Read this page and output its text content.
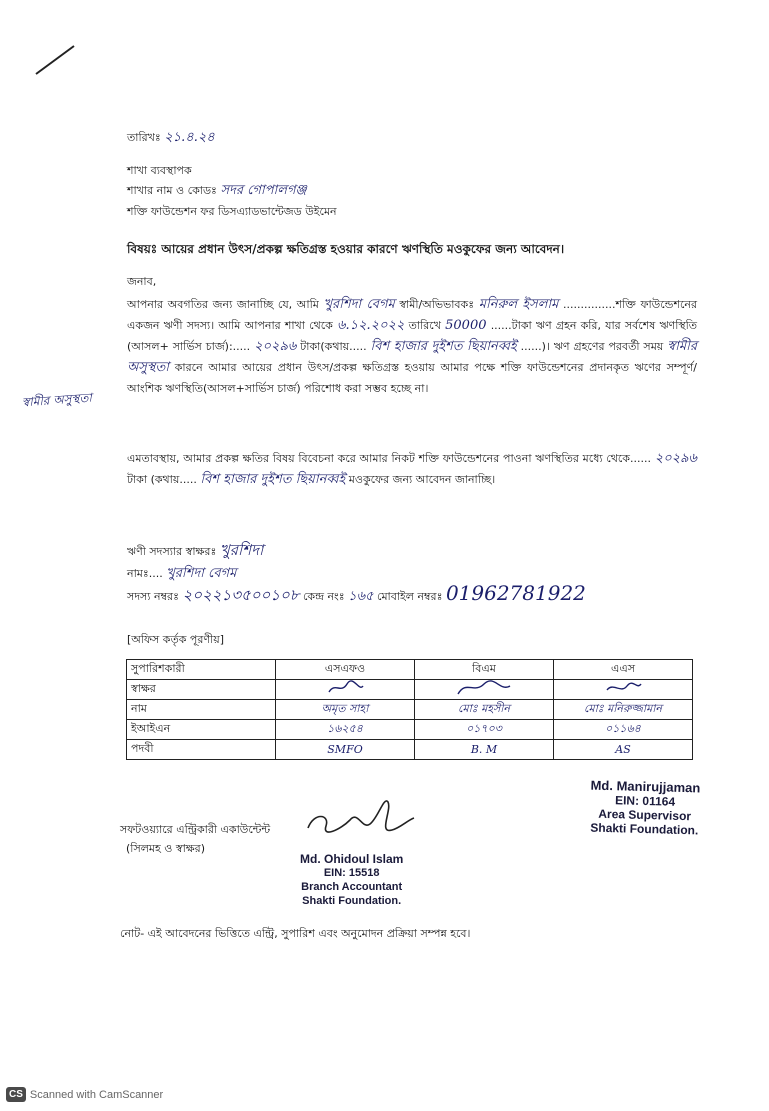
তারিখঃ ২১.৪.২৪
শাখা ব্যবস্থাপক
শাখার নাম ও কোডঃ সদর গোপালগঞ্জ
শক্তি ফাউন্ডেশন ফর ডিসএ্যাডভান্টেজড উইমেন
বিষয়ঃ আয়ের প্রধান উৎস/প্রকল্প ক্ষতিগ্রস্ত হওয়ার কারণে ঋণস্থিতি মওকুফের জন্য আবেদন।
জনাব,
স্বামীর অসুস্থতা
আপনার অবগতির জন্য জানাচ্ছি যে, আমি খুরশিদা বেগম স্বামী/অভিভাবকঃ মনিরুল ইসলাম ...............শক্তি ফাউন্ডেশনের একজন ঋণী সদস্য। আমি আপনার শাখা থেকে ৬.১২.২০২২ তারিখে 50000 ......টাকা ঋণ গ্রহন করি, যার সর্বশেষ ঋণস্থিতি (আসল+ সার্ভিস চার্জ):..... ২০২৯৬ টাকা(কথায়..... বিশ হাজার দুইশত ছিয়ানব্বই ......)। ঋণ গ্রহণের পরবর্তী সময় স্বামীর অসুস্থতা কারনে আমার আয়ের প্রধান উৎস/প্রকল্প ক্ষতিগ্রস্ত হওয়ায় আমার পক্ষে শক্তি ফাউন্ডেশনের প্রদানকৃত ঋণের সম্পূর্ণ/আংশিক ঋণস্থিতি(আসল+সার্ভিস চার্জ) পরিশোধ করা সম্ভব হচ্ছে না।
এমতাবস্থায়, আমার প্রকল্প ক্ষতির বিষয় বিবেচনা করে আমার নিকট শক্তি ফাউন্ডেশনের পাওনা ঋণস্থিতির মধ্যে থেকে...... ২০২৯৬ টাকা (কথায়..... বিশ হাজার দুইশত ছিয়ানব্বই মওকুফের জন্য আবেদন জানাচ্ছি।
ঋণী সদস্যার স্বাক্ষরঃ খুরশিদা
নামঃ.... খুরশিদা বেগম
সদস্য নম্বরঃ ২০২২১৩৫০০১০৮ কেন্দ্র নংঃ ১৬৫ মোবাইল নম্বরঃ 01962781922
[অফিস কর্তৃক পূরণীয়]
সুপারিশকারী	এসএফও	বিএম	এএস
স্বাক্ষর			
নাম	অমৃত সাহা	মোঃ মহসীন	মোঃ মনিরুজ্জামান
ইআইএন	১৬২৫৪	০১৭০৩	০১১৬৪
পদবী	SMFO	B. M	AS
Md. Manirujjaman
EIN: 01164
Area Supervisor
Shakti Foundation.
সফটওয়্যারে এন্ট্রিকারী একাউন্টেন্ট
(সিলমহ ও স্বাক্ষর)
Md. Ohidoul Islam
EIN: 15518
Branch Accountant
Shakti Foundation.
নোট- এই আবেদনের ভিত্তিতে এন্ট্রি, সুপারিশ এবং অনুমোদন প্রক্রিয়া সম্পন্ন হবে।
CS Scanned with CamScanner
